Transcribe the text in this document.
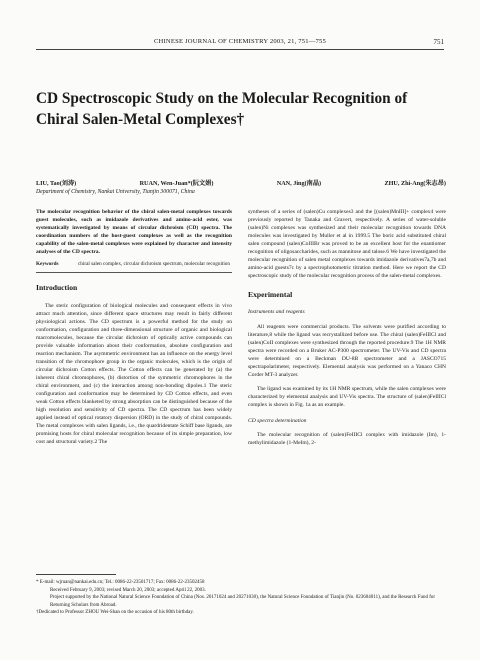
CHINESE JOURNAL OF CHEMISTRY 2003, 21, 751—755	751
CD Spectroscopic Study on the Molecular Recognition of Chiral Salen-Metal Complexes†
LIU, Tao(刘涛)	RUAN, Wen-Juan*(阮文娟)	NAN, Jing(南晶)	ZHU, Zhi-Ang(朱志昂)
Department of Chemistry, Nankai University, Tianjin 300071, China

The molecular recognition behavior of the chiral salen-metal complexes towards guest molecules, such as imidazole derivatives and amino-acid ester, was systematically investigated by means of circular dichroism (CD) spectra. The coordination numbers of the host-guest complexes as well as the recognition capability of the salen-metal complexes were explained by character and intensity analyses of the CD spectra.

Keywords	chiral salen complex, circular dichroism spectrum, molecular recognition
Introduction

The steric configuration of biological molecules and consequent effects in vivo attract much attention, since different space structures may result in fairly different physiological actions. The CD spectrum is a powerful method for the study on conformation, configuration and three-dimensional structure of organic and biological macromolecules, because the circular dichroism of optically active compounds can provide valuable information about their conformation, absolute configuration and reaction mechanism. The asymmetric environment has an influence on the energy level transition of the chromophore group in the organic molecules, which is the origin of circular dichroism Cotton effects. The Cotton effects can be generated by (a) the inherent chiral chromophores, (b) distortion of the symmetric chromophores in the chiral environment, and (c) the interaction among non-bonding dipoles.1 The steric configuration and conformation may be determined by CD Cotton effects, and even weak Cotton effects blanketed by strong absorption can be distinguished because of the high resolution and sensitivity of CD spectra. The CD spectrum has been widely applied instead of optical rotatory dispersion (ORD) in the study of chiral compounds. The metal complexes with salen ligands, i.e., the quardridentate Schiff base ligands, are promising hosts for chiral molecular recognition because of its simple preparation, low cost and structural variety.2 The

syntheses of a series of (salen)Cu complexes3 and the [(salen)MnIII]+ complex4 were previously reported by Tanaka and Gravert, respectively. A series of water-soluble (salen)Ni complexes was synthesized and their molecular recognition towards DNA molecules was investigated by Muller et al in 1999.5 The boric acid substituted chiral salen compound (salen)CoIIIBr was proved to be an excellent host for the enantiomer recognition of oligosaccharides, such as mannitose and talose.6 We have investigated the molecular recognition of salen metal complexes towards imidazole derivatives7a,7b and amino-acid guests7c by a spectrophotometric titration method. Here we report the CD spectroscopic study of the molecular recognition process of the salen-metal complexes.

Experimental
Instruments and reagents

All reagents were commercial products. The solvents were purified according to literature,8 while the ligand was recrystallized before use. The chiral (salen)FeIIICl and (salen)CoII complexes were synthesized through the reported procedure.9 The 1H NMR spectra were recorded on a Bruker AC-P300 spectrometer. The UV-Vis and CD spectra were determined on a Beckman DU-8B spectrometer and a JASCO715 spectrapolarimeter, respectively. Elemental analysis was performed on a Yanaco CHN Corder MT-3 analyzer.

The ligand was examined by its 1H NMR spectrum, while the salen complexes were characterized by elemental analysis and UV-Vis spectra. The structure of (salen)FeIIICl complex is shown in Fig. 1a as an example.

CD spectra determination

The molecular recognition of (salen)FeIIICl complex with imidazole (Im), 1-methylimidazole (1-MeIm), 2-

* E-mail: wjruan@nankai.edu.cn; Tel.: 0086-22-23501717; Fax: 0086-22-23502458
Received February 9, 2003; revised March 20, 2003; accepted April 22, 2003.
Project supported by the National Natural Science Foundation of China (Nos. 20171024 and 20271030), the Natural Science Foundation of Tianjin (No. 023604011), and the Research Fund for Returning Scholars from Abroad.
†Dedicated to Professor ZHOU Wei-Shan on the occasion of his 80th birthday.
